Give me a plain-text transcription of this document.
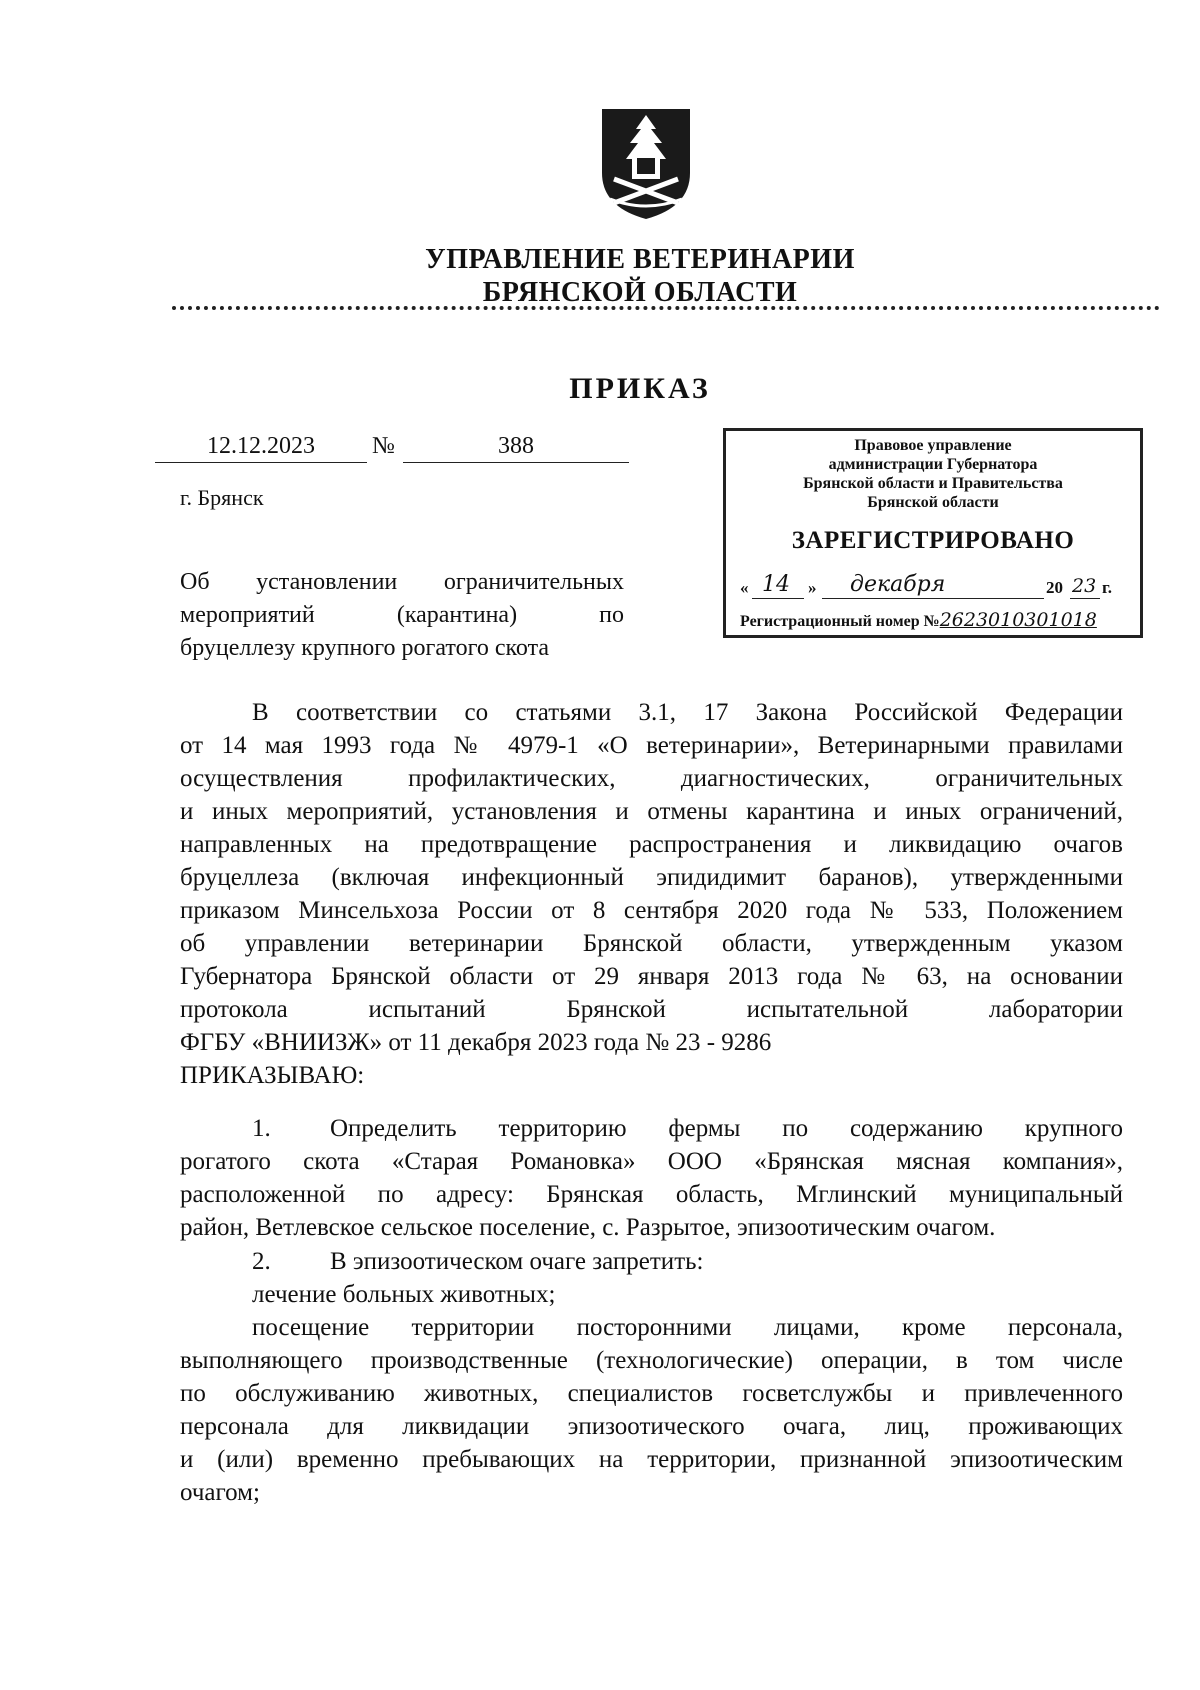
УПРАВЛЕНИЕ ВЕТЕРИНАРИИ
БРЯНСКОЙ ОБЛАСТИ
ПРИКАЗ
12.12.2023	№	388
г. Брянск
Об установлении ограничительных
мероприятий (карантина) по
бруцеллезу крупного рогатого скота
Правовое управление
администрации Губернатора
Брянской области и Правительства
Брянской области
ЗАРЕГИСТРИРОВАНО
« 14 » декабря	20 23 г.
Регистрационный номер №2623010301018
В соответствии со статьями 3.1, 17 Закона Российской Федерации
от 14 мая 1993 года № 4979-1 «О ветеринарии», Ветеринарными правилами
осуществления профилактических, диагностических, ограничительных
и иных мероприятий, установления и отмены карантина и иных ограничений,
направленных на предотвращение распространения и ликвидацию очагов
бруцеллеза (включая инфекционный эпидидимит баранов), утвержденными
приказом Минсельхоза России от 8 сентября 2020 года № 533, Положением
об управлении ветеринарии Брянской области, утвержденным указом
Губернатора Брянской области от 29 января 2013 года № 63, на основании
протокола испытаний Брянской испытательной лаборатории
ФГБУ «ВНИИЗЖ» от 11 декабря 2023 года № 23 - 9286
ПРИКАЗЫВАЮ:
1. Определить территорию фермы по содержанию крупного
рогатого скота «Старая Романовка» ООО «Брянская мясная компания»,
расположенной по адресу: Брянская область, Мглинский муниципальный
район, Ветлевское сельское поселение, с. Разрытое, эпизоотическим очагом.
2. В эпизоотическом очаге запретить:
лечение больных животных;
посещение территории посторонними лицами, кроме персонала,
выполняющего производственные (технологические) операции, в том числе
по обслуживанию животных, специалистов госветслужбы и привлеченного
персонала для ликвидации эпизоотического очага, лиц, проживающих
и (или) временно пребывающих на территории, признанной эпизоотическим
очагом;
